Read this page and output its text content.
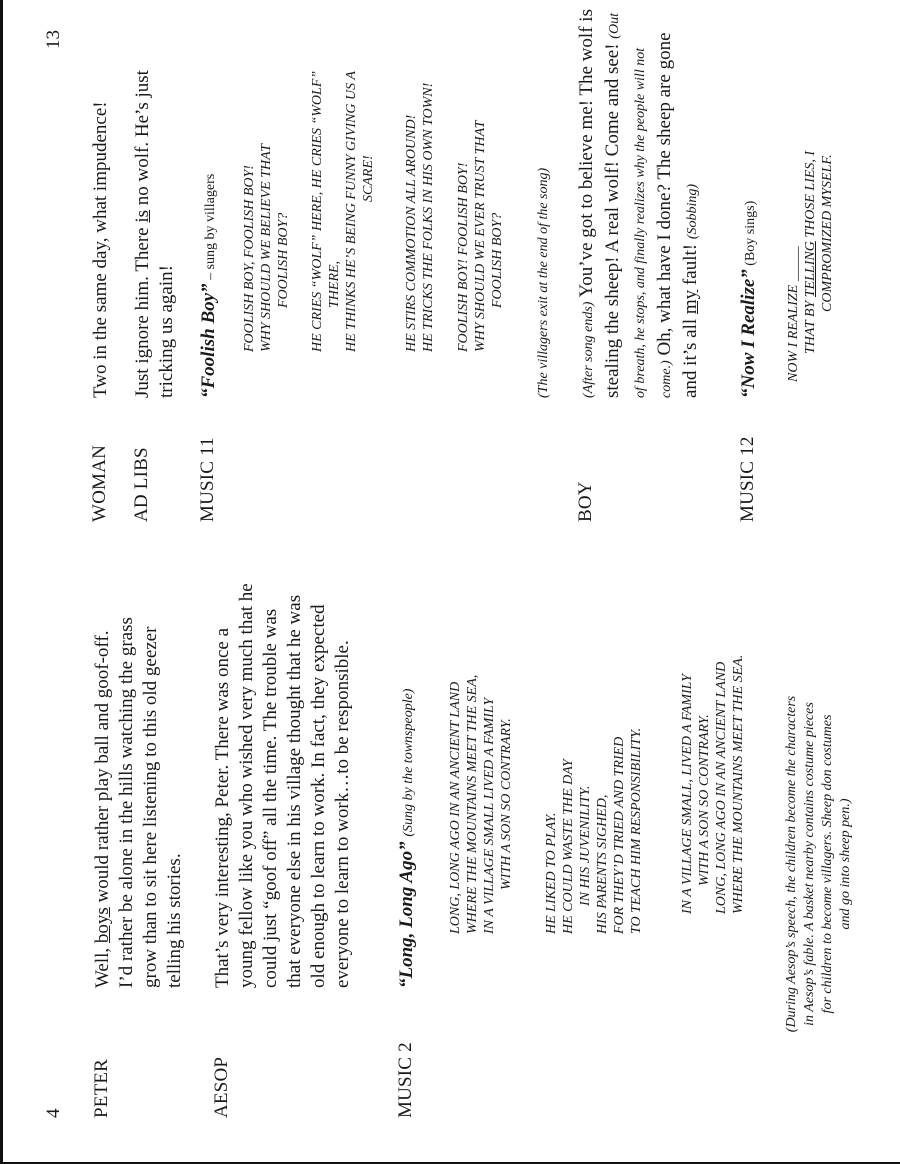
4 PETER
Well, boys would rather play ball and goof-off. I’d rather be alone in the hills watching the grass grow than to sit here listening to this old geezer telling his stories.
AESOP
That’s very interesting, Peter. There was once a young fellow like you who wished very much that he could just “goof off” all the time. The trouble was that everyone else in his village thought that he was old enough to learn to work. In fact, they expected everyone to learn to work…to be responsible.
MUSIC 2
“Long, Long Ago” (Sung by the townspeople)	LONG, LONG AGO IN AN ANCIENT LAND WHERE THE MOUNTAINS MEET THE SEA, IN A VILLAGE SMALL LIVED A FAMILY WITH A SON SO CONTRARY. HE LIKED TO PLAY. HE COULD WASTE THE DAY IN HIS JUVENILITY. HIS PARENTS SIGHED, FOR THEY’D TRIED AND TRIED TO TEACH HIM RESPONSIBILITY.	IN A VILLAGE SMALL, LIVED A FAMILY WITH A SON SO CONTRARY. LONG, LONG AGO IN AN ANCIENT LAND WHERE THE MOUNTAINS MEET THE SEA.	(During Aesop’s speech, the children become the characters in Aesop’s fable. A basket nearby contains costume pieces for children to become villagers. Sheep don costumes and go into sheep pen.)
13
WOMAN
Two in the same day, what impudence!
AD LIBS
Just ignore him. There is no wolf. He’s just tricking us again!
MUSIC 11
“Foolish Boy” – sung by villagers	FOOLISH BOY, FOOLISH BOY! WHY SHOULD WE BELIEVE THAT FOOLISH BOY? HE CRIES “WOLF” HERE, HE CRIES “WOLF” THERE, HE THINKS HE’S BEING FUNNY GIVING US A SCARE! HE STIRS COMMOTION ALL AROUND! HE TRICKS THE FOLKS IN HIS OWN TOWN! FOOLISH BOY! FOOLISH BOY! WHY SHOULD WE EVER TRUST THAT FOOLISH BOY? (The villagers exit at the end of the song)
BOY
(After song ends) You’ve got to believe me! The wolf is stealing the sheep! A real wolf! Come and see! (Out of breath, he stops, and finally realizes why the people will not come.) Oh, what have I done? The sheep are gone and it’s all my fault! (Sobbing)
MUSIC 12
“Now I Realize” (Boy sings)
NOW I REALIZE _____
THAT BY TELLING THOSE LIES, I COMPROMIZED MYSELF.
